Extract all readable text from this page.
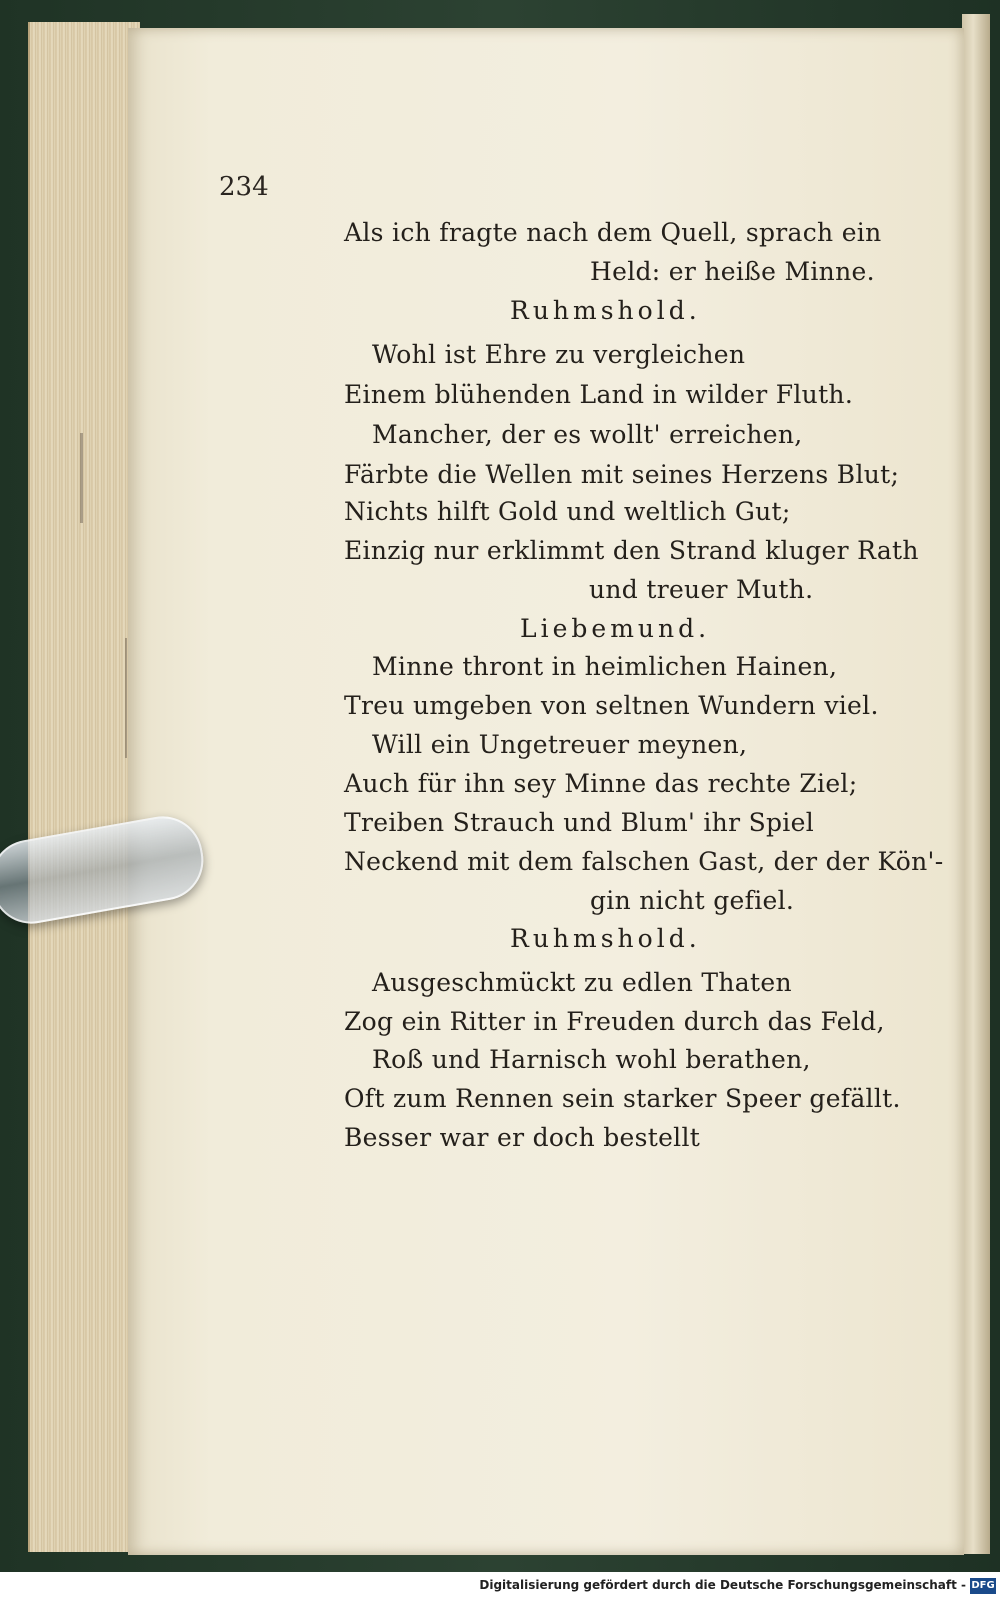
234
Als ich fragte nach dem Quell, sprach ein
Held: er heiße Minne.
Ruhmshold.
Wohl ist Ehre zu vergleichen
Einem blühenden Land in wilder Fluth.
Mancher, der es wollt' erreichen,
Färbte die Wellen mit seines Herzens Blut;
Nichts hilft Gold und weltlich Gut;
Einzig nur erklimmt den Strand kluger Rath
und treuer Muth.
Liebemund.
Minne thront in heimlichen Hainen,
Treu umgeben von seltnen Wundern viel.
Will ein Ungetreuer meynen,
Auch für ihn sey Minne das rechte Ziel;
Treiben Strauch und Blum' ihr Spiel
Neckend mit dem falschen Gast, der der Kön'-
gin nicht gefiel.
Ruhmshold.
Ausgeschmückt zu edlen Thaten
Zog ein Ritter in Freuden durch das Feld,
Roß und Harnisch wohl berathen,
Oft zum Rennen sein starker Speer gefällt.
Besser war er doch bestellt
Digitalisierung gefördert durch die Deutsche Forschungsgemeinschaft - DFG
